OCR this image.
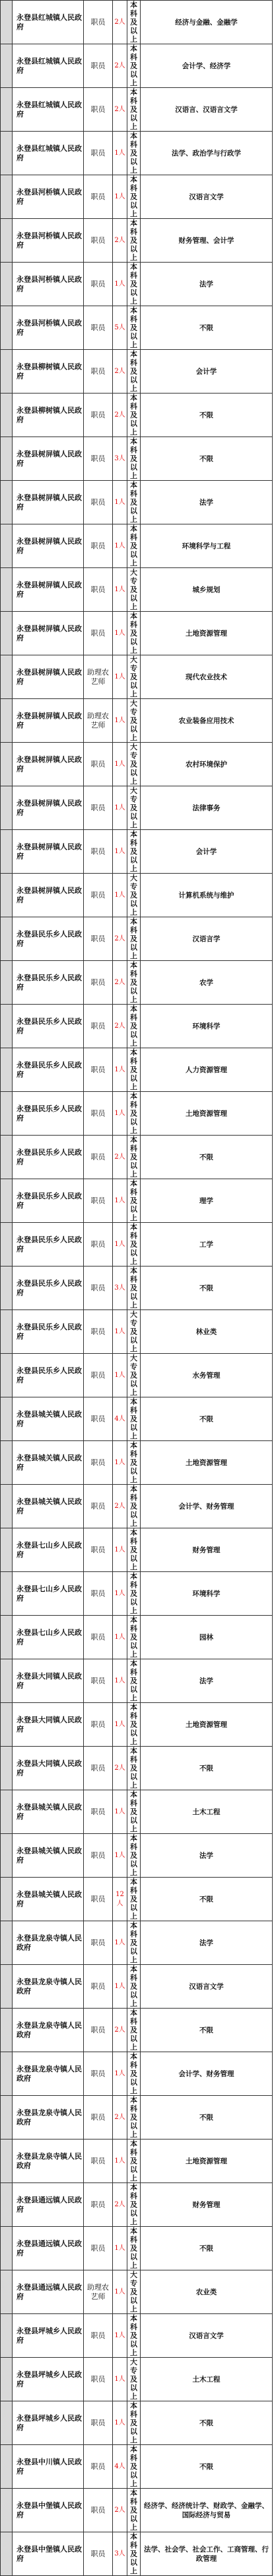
	永登县红城镇人民政府	职员	2人	本科及以上	经济与金融、金融学
	永登县红城镇人民政府	职员	2人	本科及以上	会计学、经济学
	永登县红城镇人民政府	职员	2人	本科及以上	汉语言、汉语言文学
	永登县红城镇人民政府	职员	1人	本科及以上	法学、政治学与行政学
	永登县河桥镇人民政府	职员	1人	本科及以上	汉语言文学
	永登县河桥镇人民政府	职员	2人	本科及以上	财务管理、会计学
	永登县河桥镇人民政府	职员	1人	本科及以上	法学
	永登县河桥镇人民政府	职员	5人	本科及以上	不限
	永登县柳树镇人民政府	职员	2人	本科及以上	会计学
	永登县柳树镇人民政府	职员	2人	本科及以上	不限
	永登县树屏镇人民政府	职员	3人	本科及以上	不限
	永登县树屏镇人民政府	职员	1人	本科及以上	法学
	永登县树屏镇人民政府	职员	1人	本科及以上	环境科学与工程
	永登县树屏镇人民政府	职员	1人	大专及以上	城乡规划
	永登县树屏镇人民政府	职员	1人	本科及以上	土地资源管理
	永登县树屏镇人民政府	助理农艺师	1人	大专及以上	现代农业技术
	永登县树屏镇人民政府	助理农艺师	1人	大专及以上	农业装备应用技术
	永登县树屏镇人民政府	职员	1人	大专及以上	农村环境保护
	永登县树屏镇人民政府	职员	1人	大专及以上	法律事务
	永登县树屏镇人民政府	职员	1人	本科及以上	会计学
	永登县树屏镇人民政府	职员	1人	大专及以上	计算机系统与维护
	永登县民乐乡人民政府	职员	2人	本科及以上	汉语言学
	永登县民乐乡人民政府	职员	2人	本科及以上	农学
	永登县民乐乡人民政府	职员	2人	本科及以上	环境科学
	永登县民乐乡人民政府	职员	1人	本科及以上	人力资源管理
	永登县民乐乡人民政府	职员	1人	本科及以上	土地资源管理
	永登县民乐乡人民政府	职员	2人	本科及以上	不限
	永登县民乐乡人民政府	职员	1人	本科及以上	理学
	永登县民乐乡人民政府	职员	1人	本科及以上	工学
	永登县民乐乡人民政府	职员	3人	本科及以上	不限
	永登县民乐乡人民政府	职员	1人	大专及以上	林业类
	永登县民乐乡人民政府	职员	1人	大专及以上	水务管理
	永登县城关镇人民政府	职员	4人	本科及以上	不限
	永登县城关镇人民政府	职员	1人	本科及以上	土地资源管理
	永登县城关镇人民政府	职员	2人	本科及以上	会计学、财务管理
	永登县七山乡人民政府	职员	1人	本科及以上	财务管理
	永登县七山乡人民政府	职员	1人	本科及以上	环境科学
	永登县七山乡人民政府	职员	1人	本科及以上	园林
	永登县大同镇人民政府	职员	1人	本科及以上	法学
	永登县大同镇人民政府	职员	1人	本科及以上	土地资源管理
	永登县大同镇人民政府	职员	2人	本科及以上	不限
	永登县城关镇人民政府	职员	1人	本科及以上	土木工程
	永登县城关镇人民政府	职员	1人	本科及以上	法学
	永登县城关镇人民政府	职员	12人	本科及以上	不限
	永登县龙泉寺镇人民政府	职员	1人	本科及以上	法学
	永登县龙泉寺镇人民政府	职员	1人	本科及以上	汉语言文学
	永登县龙泉寺镇人民政府	职员	2人	本科及以上	不限
	永登县龙泉寺镇人民政府	职员	1人	本科及以上	会计学、财务管理
	永登县龙泉寺镇人民政府	职员	2人	本科及以上	不限
	永登县龙泉寺镇人民政府	职员	1人	本科及以上	土地资源管理
	永登县通远镇人民政府	职员	2人	本科及以上	财务管理
	永登县通远镇人民政府	职员	1人	本科及以上	不限
	永登县通远镇人民政府	助理农艺师	1人	大专及以上	农业类
	永登县坪城乡人民政府	职员	1人	本科及以上	汉语言文学
	永登县坪城乡人民政府	职员	1人	大专及以上	土木工程
	永登县坪城乡人民政府	职员	1人	本科及以上	不限
	永登县中川镇人民政府	职员	4人	本科及以上	不限
	永登县中堡镇人民政府	职员	2人	本科及以上	经济学、经济统计学、财政学、金融学、国际经济与贸易
	永登县中堡镇人民政府	职员	3人	本科及以上	法学、社会学、社会工作、工商管理、行政管理
